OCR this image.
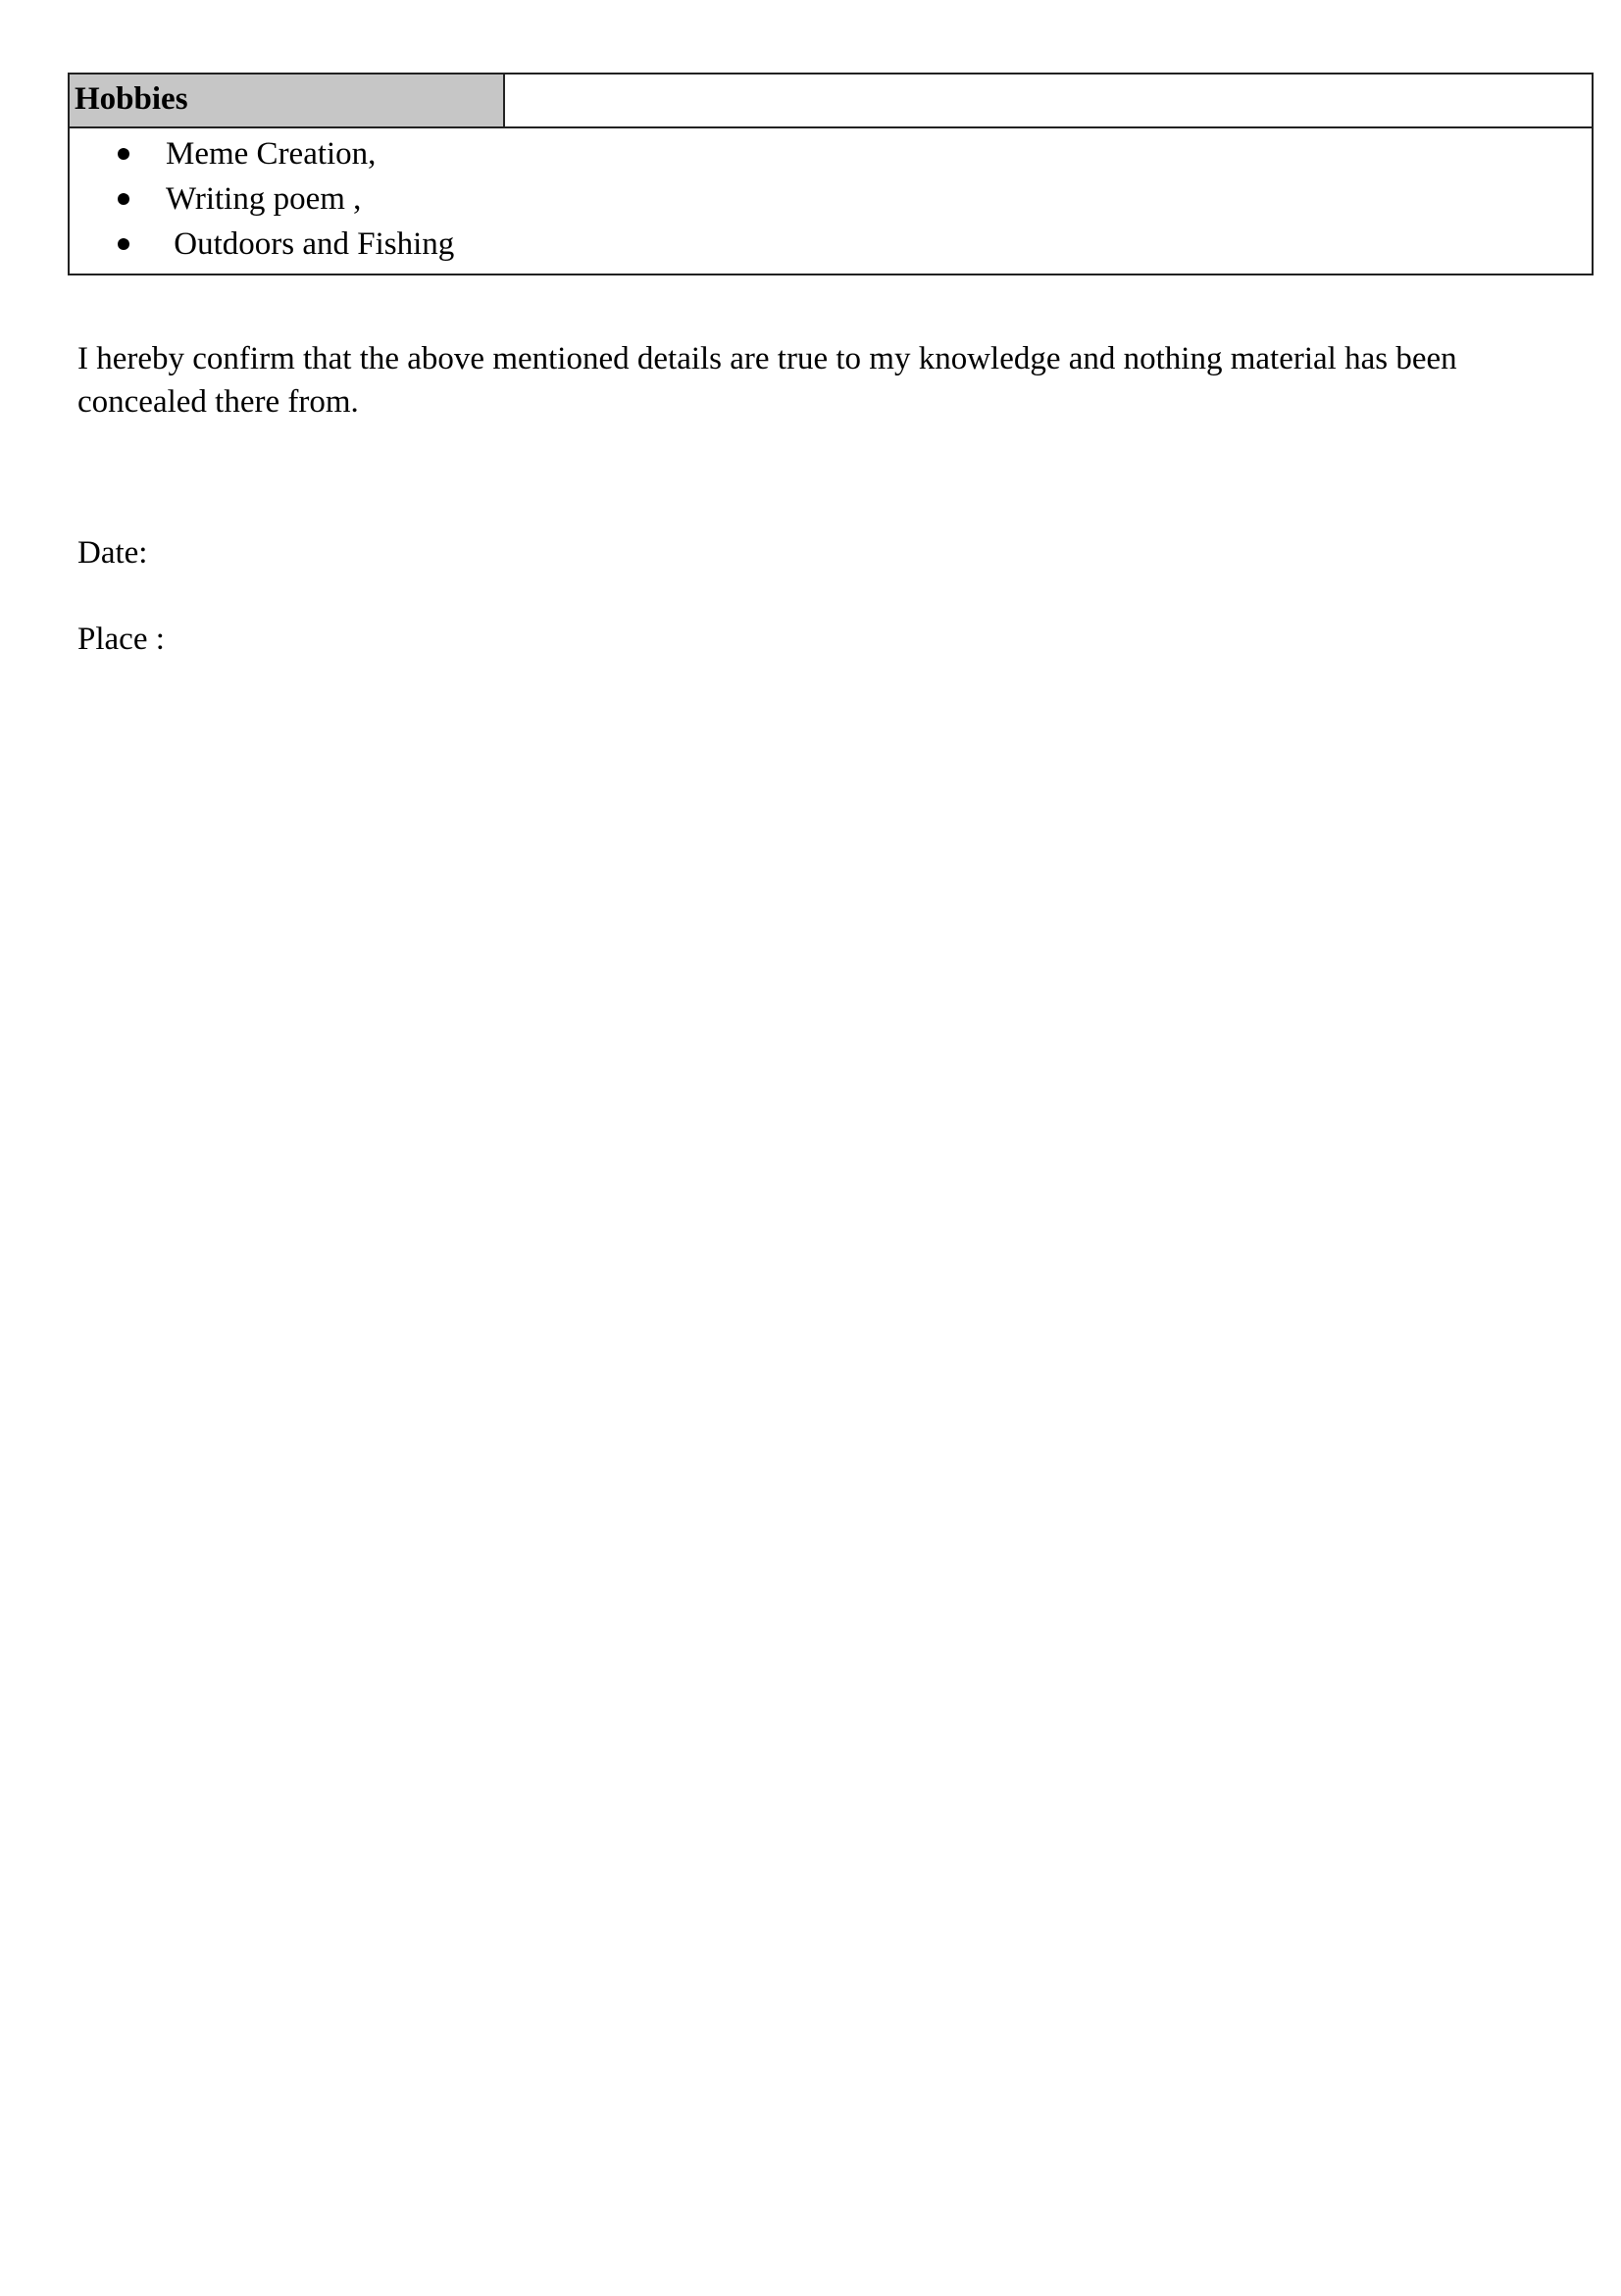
Hobbies
Meme Creation,
Writing poem ,
Outdoors and Fishing

I hereby confirm that the above mentioned details are true to my knowledge and nothing material has been concealed there from.

Date:
Place :
